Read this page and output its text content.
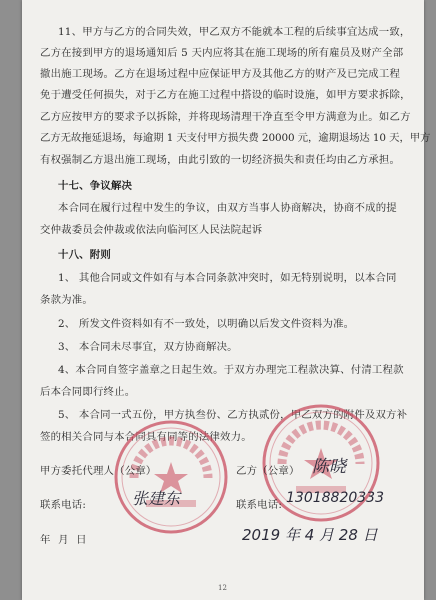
11、甲方与乙方的合同失效，甲乙双方不能就本工程的后续事宜达成一致，
乙方在接到甲方的退场通知后 5 天内应将其在施工现场的所有雇员及财产全部
撤出施工现场。乙方在退场过程中应保证甲方及其他乙方的财产及已完成工程
免于遭受任何损失，对于乙方在施工过程中搭设的临时设施，如甲方要求拆除，
乙方应按甲方的要求予以拆除，并将现场清理干净直至令甲方满意为止。如乙方
乙方无故拖延退场，每逾期 1 天支付甲方损失费 20000 元，逾期退场达 10 天，甲方
有权强制乙方退出施工现场，由此引致的一切经济损失和责任均由乙方承担。
十七、争议解决
本合同在履行过程中发生的争议，由双方当事人协商解决，协商不成的提
交仲裁委员会仲裁或依法向临河区人民法院起诉
十八、附则
1、 其他合同或文件如有与本合同条款冲突时，如无特别说明，以本合同
条款为准。
2、 所发文件资料如有不一致处，以明确以后发文件资料为准。
3、 本合同未尽事宜，双方协商解决。
4、本合同自签字盖章之日起生效。于双方办理完工程款决算、付清工程款
后本合同即行终止。
5、 本合同一式五份，甲方执叁份、乙方执贰份，甲乙双方的附件及双方补
签的相关合同与本合同具有同等的法律效力。
甲方委托代理人（公章）	乙方（公章） 陈晓
张建东
联系电话:	联系电话: 13018820333
年 月 日	2019 年 4 月 28 日
12
